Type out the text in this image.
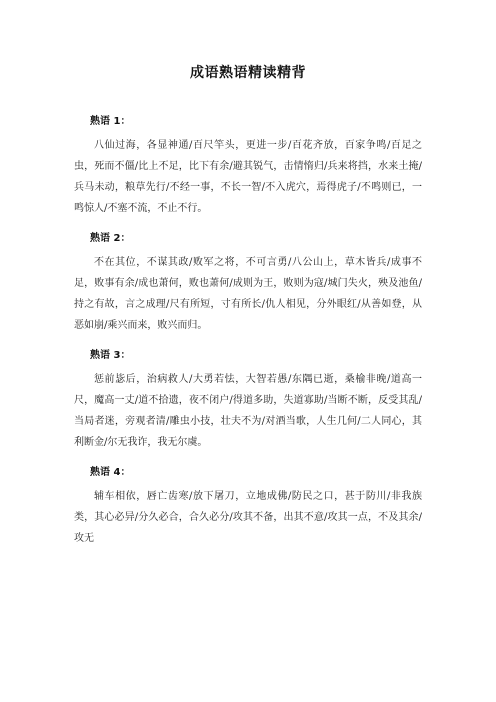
成语熟语精读精背
熟语 1：

八仙过海，各显神通/百尺竿头，更进一步/百花齐放，百家争鸣/百足之虫，死而不僵/比上不足，比下有余/避其锐气，击情惰归/兵来将挡，水来土掩/兵马未动，粮草先行/不经一事，不长一智/不入虎穴，焉得虎子/不鸣则已，一鸣惊人/不塞不流，不止不行。

熟语 2：

不在其位，不谋其政/败军之将，不可言勇/八公山上，草木皆兵/成事不足，败事有余/成也萧何，败也萧何/成则为王，败则为寇/城门失火，殃及池鱼/持之有故，言之成理/尺有所短，寸有所长/仇人相见，分外眼红/从善如登，从恶如崩/乘兴而来，败兴而归。

熟语 3：

惩前毖后，治病救人/大勇若怯，大智若愚/东隅已逝，桑榆非晚/道高一尺，魔高一丈/道不拾遗，夜不闭户/得道多助，失道寡助/当断不断，反受其乱/当局者迷，旁观者清/雕虫小技，壮夫不为/对酒当歌，人生几何/二人同心，其利断金/尔无我诈，我无尔虞。

熟语 4：

辅车相依，唇亡齿寒/放下屠刀，立地成佛/防民之口，甚于防川/非我族类，其心必异/分久必合，合久必分/攻其不备，出其不意/攻其一点，不及其余/攻无
